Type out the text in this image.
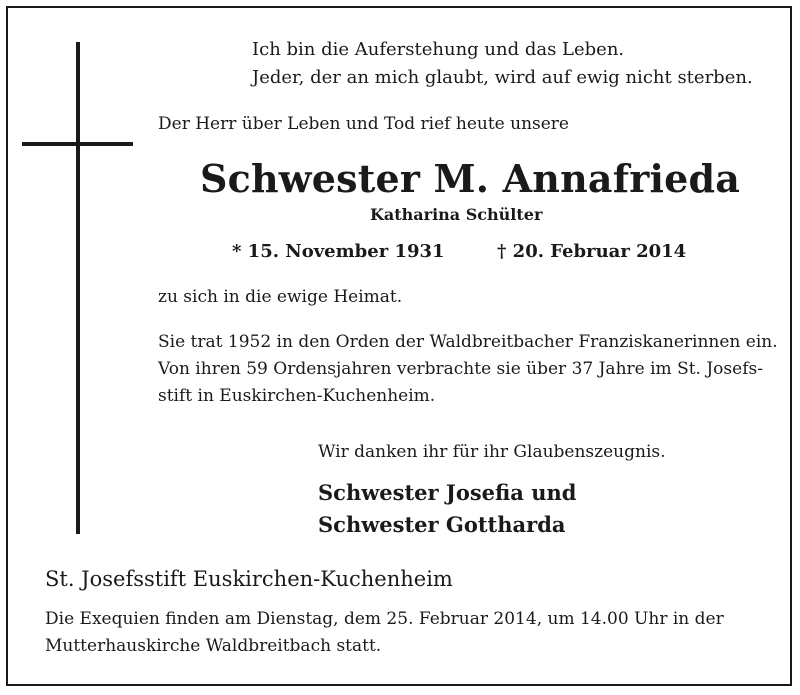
Ich bin die Auferstehung und das Leben.
Jeder, der an mich glaubt, wird auf ewig nicht sterben.
Der Herr über Leben und Tod rief heute unsere
Schwester M. Annafrieda
Katharina Schülter
* 15. November 1931	† 20. Februar 2014
zu sich in die ewige Heimat.
Sie trat 1952 in den Orden der Waldbreitbacher Franziskanerinnen ein.
Von ihren 59 Ordensjahren verbrachte sie über 37 Jahre im St. Josefs-
stift in Euskirchen-Kuchenheim.
Wir danken ihr für ihr Glaubenszeugnis.
Schwester Josefia und
Schwester Gottharda
St. Josefsstift Euskirchen-Kuchenheim
Die Exequien finden am Dienstag, dem 25. Februar 2014, um 14.00 Uhr in der
Mutterhauskirche Waldbreitbach statt.
